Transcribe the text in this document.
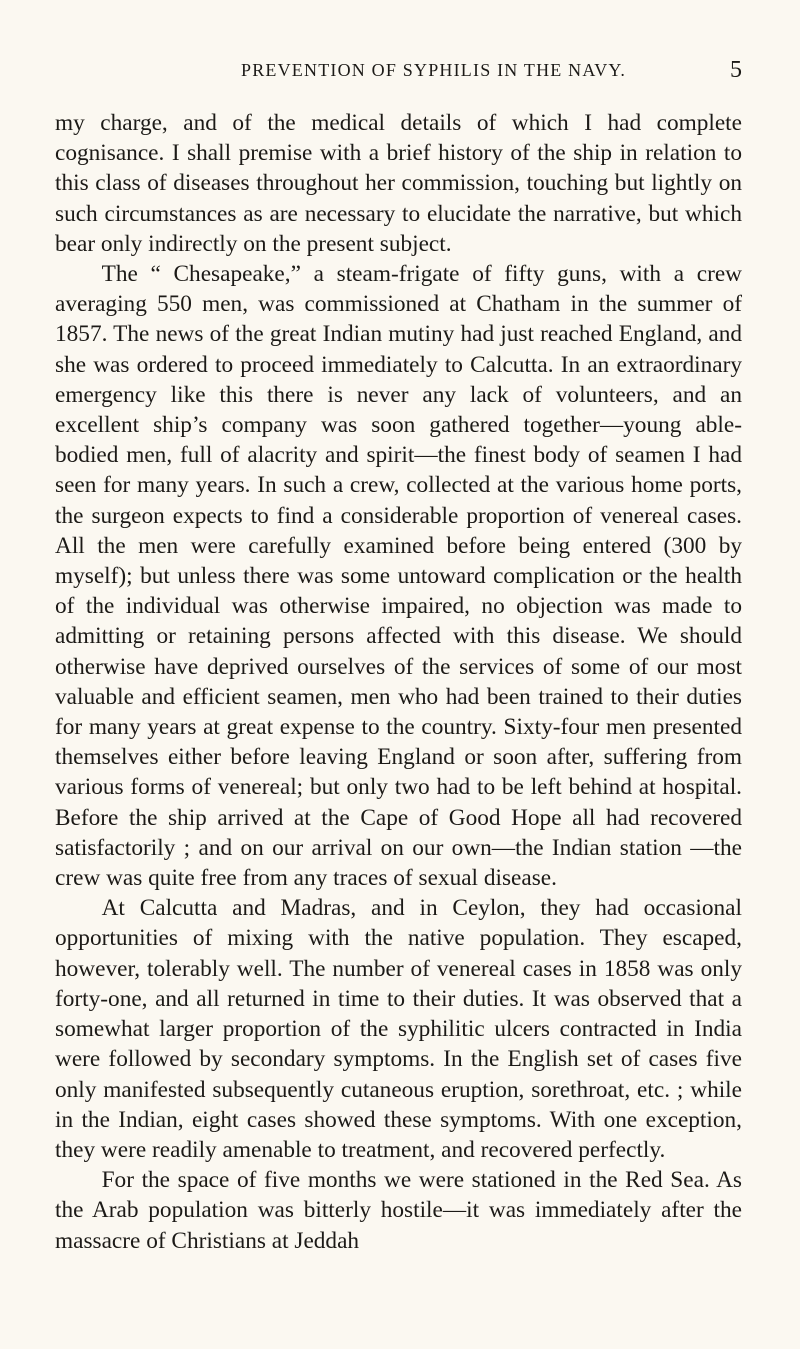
PREVENTION OF SYPHILIS IN THE NAVY.	5

my charge, and of the medical details of which I had complete cognisance. I shall premise with a brief history of the ship in relation to this class of diseases throughout her commission, touching but lightly on such circumstances as are necessary to elucidate the narrative, but which bear only indirectly on the present subject.

The “ Chesapeake,” a steam-frigate of fifty guns, with a crew averaging 550 men, was commissioned at Chatham in the summer of 1857. The news of the great Indian mutiny had just reached England, and she was ordered to proceed immediately to Calcutta. In an extraordinary emergency like this there is never any lack of volunteers, and an excellent ship’s company was soon gathered together—young able-bodied men, full of alacrity and spirit—the finest body of seamen I had seen for many years. In such a crew, collected at the various home ports, the surgeon expects to find a considerable proportion of venereal cases. All the men were carefully examined before being entered (300 by myself); but unless there was some untoward complication or the health of the individual was otherwise impaired, no objection was made to admitting or retaining persons affected with this disease. We should otherwise have deprived ourselves of the services of some of our most valuable and efficient seamen, men who had been trained to their duties for many years at great expense to the country. Sixty-four men presented themselves either before leaving England or soon after, suffering from various forms of venereal; but only two had to be left behind at hospital. Before the ship arrived at the Cape of Good Hope all had recovered satisfactorily ; and on our arrival on our own—the Indian station —the crew was quite free from any traces of sexual disease.

At Calcutta and Madras, and in Ceylon, they had occasional opportunities of mixing with the native population. They escaped, however, tolerably well. The number of venereal cases in 1858 was only forty-one, and all returned in time to their duties. It was observed that a somewhat larger proportion of the syphilitic ulcers contracted in India were followed by secondary symptoms. In the English set of cases five only manifested subsequently cutaneous eruption, sorethroat, etc. ; while in the Indian, eight cases showed these symptoms. With one exception, they were readily amenable to treatment, and recovered perfectly.

For the space of five months we were stationed in the Red Sea. As the Arab population was bitterly hostile—it was immediately after the massacre of Christians at Jeddah
